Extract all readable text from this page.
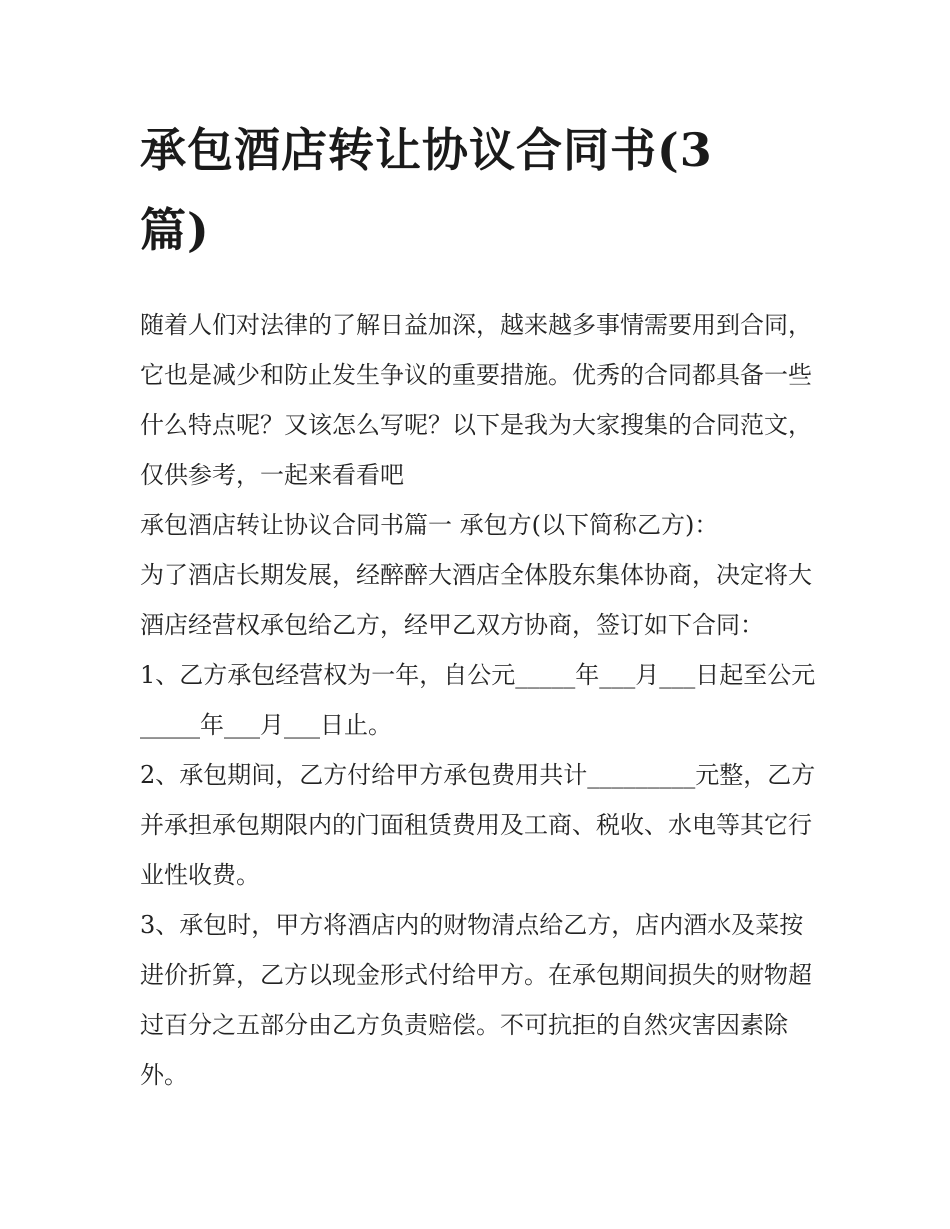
承包酒店转让协议合同书(3篇)

随着人们对法律的了解日益加深，越来越多事情需要用到合同，它也是减少和防止发生争议的重要措施。优秀的合同都具备一些什么特点呢？又该怎么写呢？以下是我为大家搜集的合同范文，仅供参考，一起来看看吧

承包酒店转让协议合同书篇一 承包方(以下简称乙方)：

为了酒店长期发展，经醉醉大酒店全体股东集体协商，决定将大酒店经营权承包给乙方，经甲乙双方协商，签订如下合同：

1、乙方承包经营权为一年，自公元_____年___月___日起至公元_____年___月___日止。

2、承包期间，乙方付给甲方承包费用共计_________元整，乙方并承担承包期限内的门面租赁费用及工商、税收、水电等其它行业性收费。

3、承包时，甲方将酒店内的财物清点给乙方，店内酒水及菜按进价折算，乙方以现金形式付给甲方。在承包期间损失的财物超过百分之五部分由乙方负责赔偿。不可抗拒的自然灾害因素除外。
